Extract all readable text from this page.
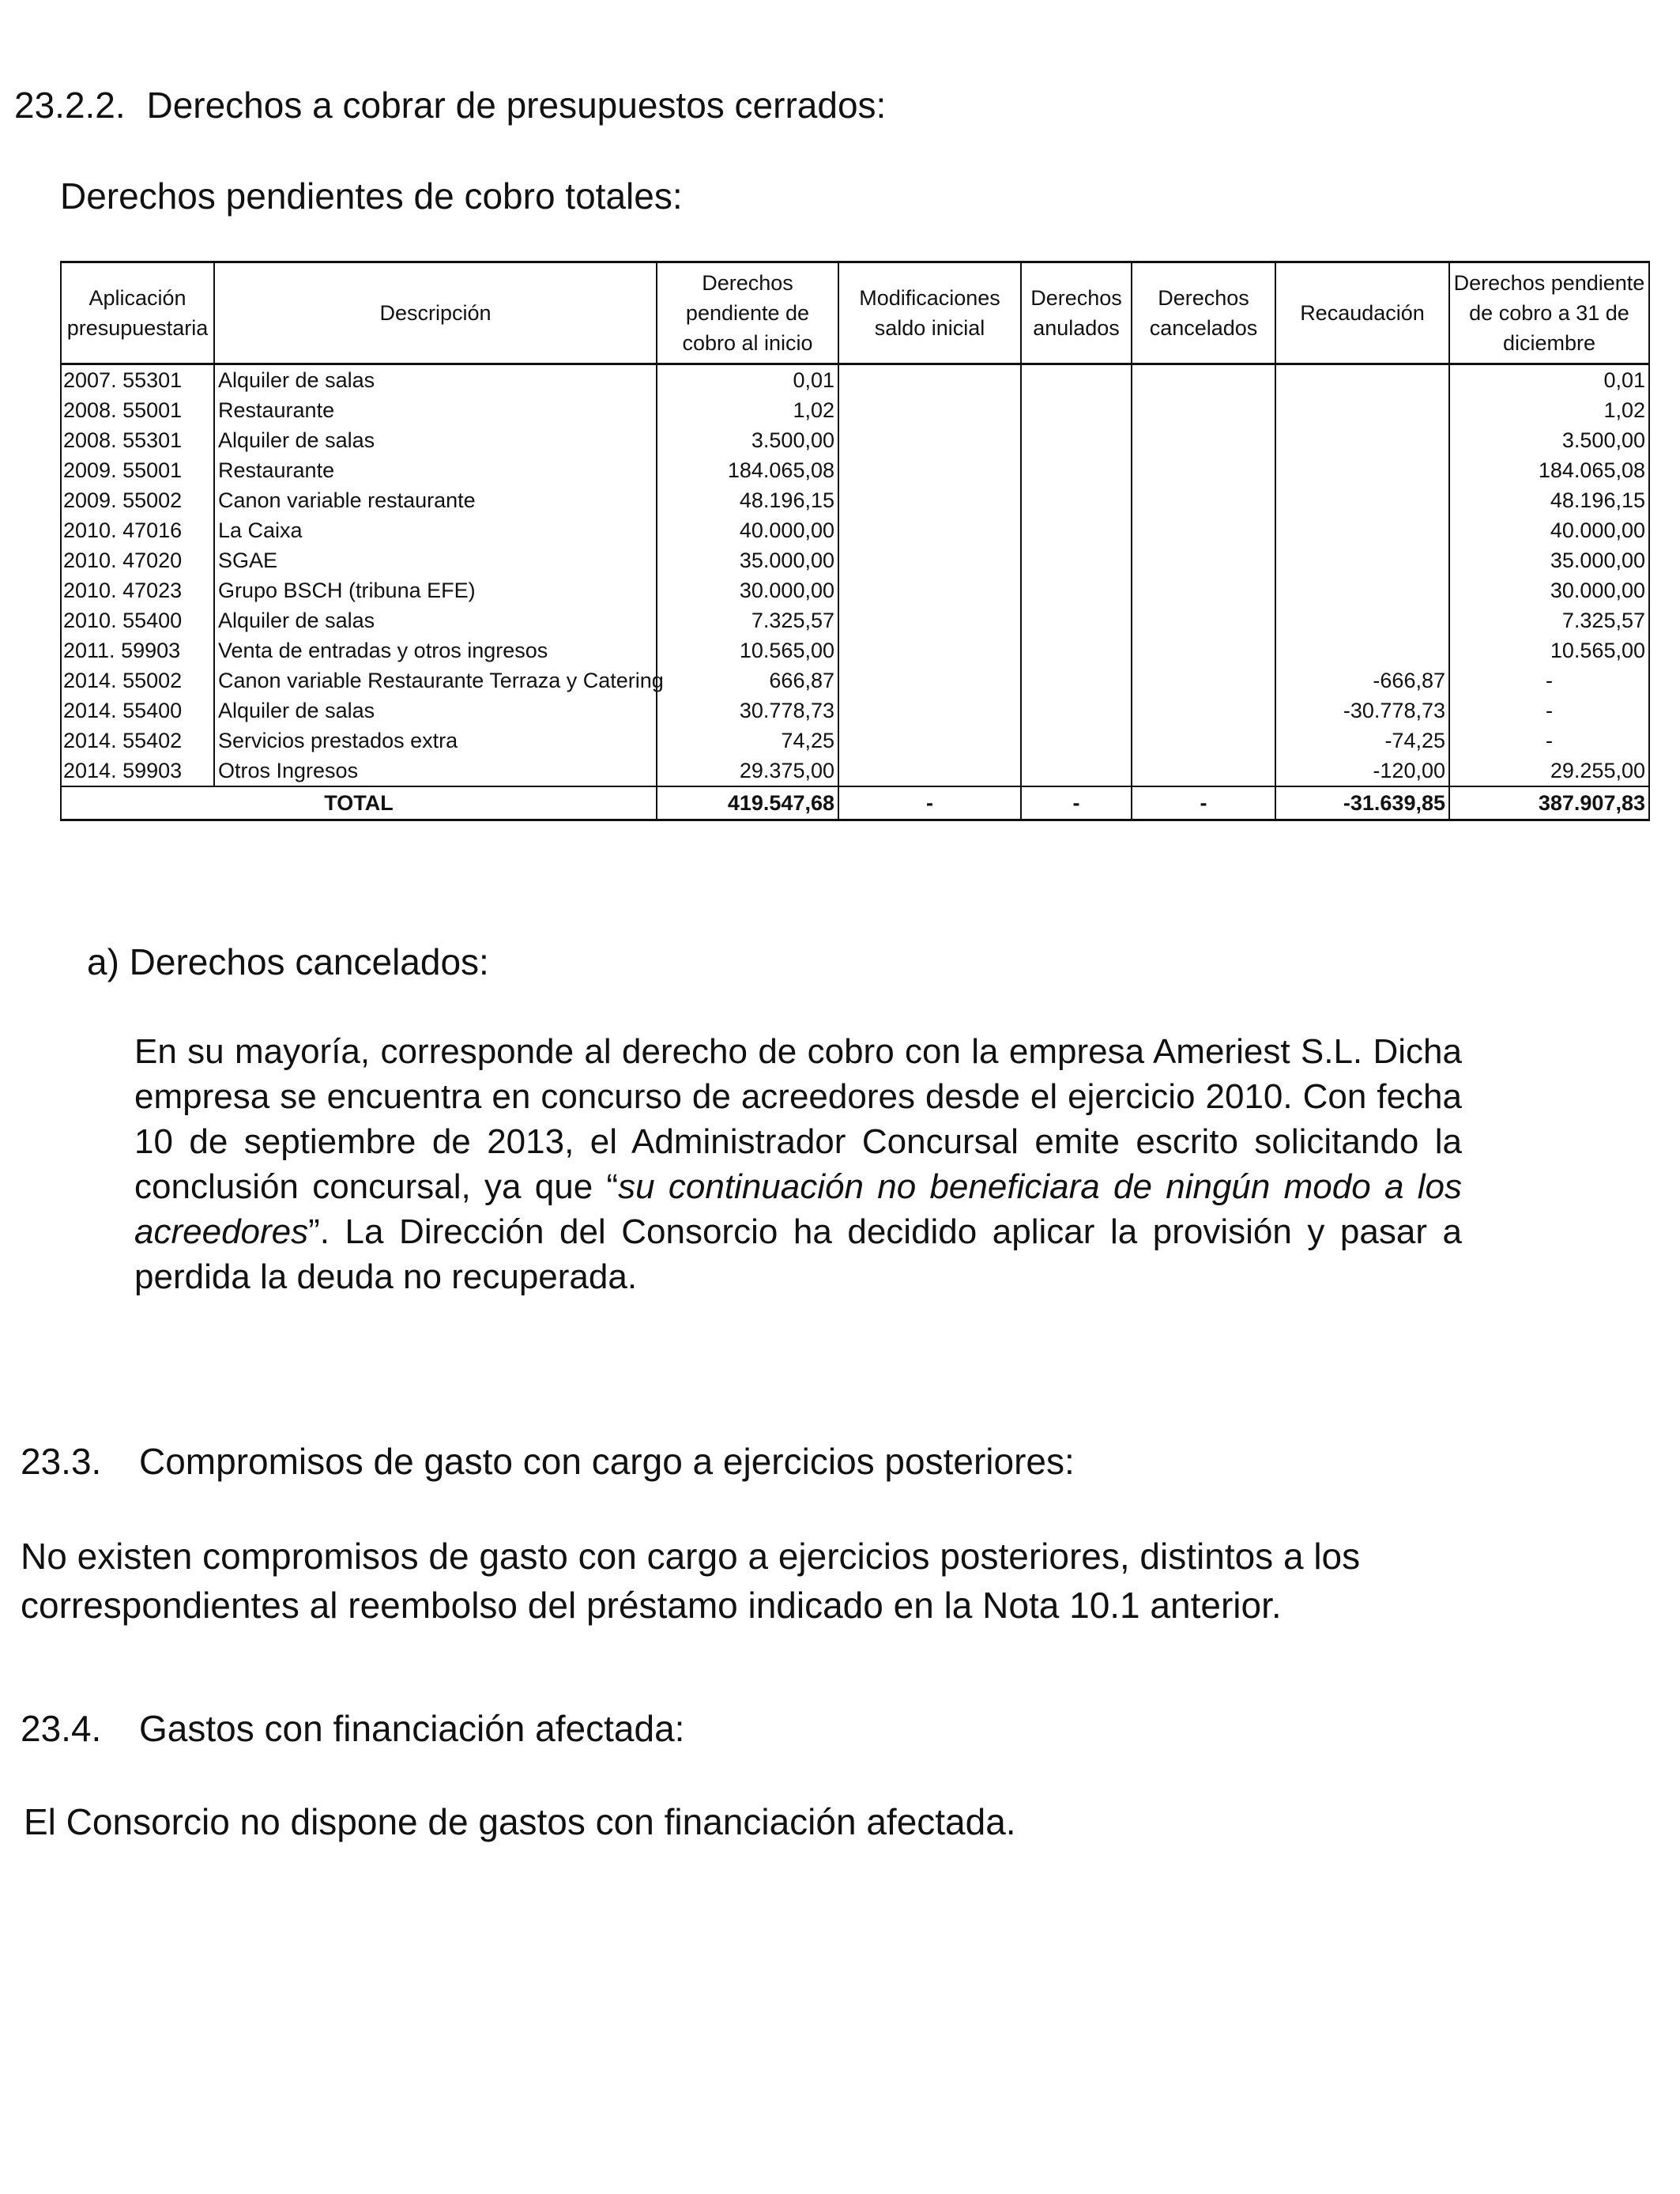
23.2.2. Derechos a cobrar de presupuestos cerrados:

Derechos pendientes de cobro totales:

Aplicación presupuestaria	Descripción	Derechos pendiente de cobro al inicio	Modificaciones saldo inicial	Derechos anulados	Derechos cancelados	Recaudación	Derechos pendiente de cobro a 31 de diciembre
2007. 55301	Alquiler de salas	0,01					0,01
2008. 55001	Restaurante	1,02					1,02
2008. 55301	Alquiler de salas	3.500,00					3.500,00
2009. 55001	Restaurante	184.065,08					184.065,08
2009. 55002	Canon variable restaurante	48.196,15					48.196,15
2010. 47016	La Caixa	40.000,00					40.000,00
2010. 47020	SGAE	35.000,00					35.000,00
2010. 47023	Grupo BSCH (tribuna EFE)	30.000,00					30.000,00
2010. 55400	Alquiler de salas	7.325,57					7.325,57
2011. 59903	Venta de entradas y otros ingresos	10.565,00					10.565,00
2014. 55002	Canon variable Restaurante Terraza y Catering	666,87				-666,87	-
2014. 55400	Alquiler de salas	30.778,73				-30.778,73	-
2014. 55402	Servicios prestados extra	74,25				-74,25	-
2014. 59903	Otros Ingresos	29.375,00				-120,00	29.255,00
TOTAL		419.547,68	-	-	-	-31.639,85	387.907,83

a) Derechos cancelados:

En su mayoría, corresponde al derecho de cobro con la empresa Ameriest S.L. Dicha empresa se encuentra en concurso de acreedores desde el ejercicio 2010. Con fecha 10 de septiembre de 2013, el Administrador Concursal emite escrito solicitando la conclusión concursal, ya que “su continuación no beneficiara de ningún modo a los acreedores”. La Dirección del Consorcio ha decidido aplicar la provisión y pasar a perdida la deuda no recuperada.

23.3. Compromisos de gasto con cargo a ejercicios posteriores:

No existen compromisos de gasto con cargo a ejercicios posteriores, distintos a los correspondientes al reembolso del préstamo indicado en la Nota 10.1 anterior.

23.4. Gastos con financiación afectada:

El Consorcio no dispone de gastos con financiación afectada.
